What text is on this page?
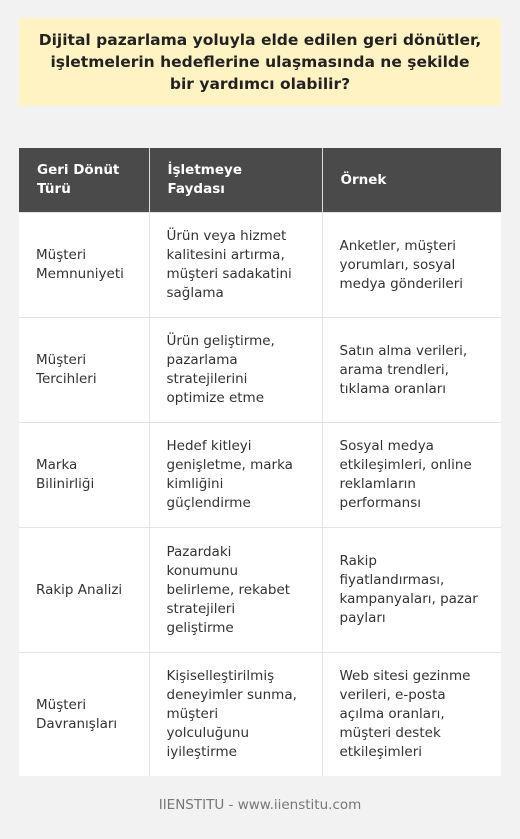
Dijital pazarlama yoluyla elde edilen geri dönütler, işletmelerin hedeflerine ulaşmasında ne şekilde bir yardımcı olabilir?
Geri Dönüt Türü	İşletmeye Faydası	Örnek
Müşteri Memnuniyeti	Ürün veya hizmet kalitesini artırma, müşteri sadakatini sağlama	Anketler, müşteri yorumları, sosyal medya gönderileri
Müşteri Tercihleri	Ürün geliştirme, pazarlama stratejilerini optimize etme	Satın alma verileri, arama trendleri, tıklama oranları
Marka Bilinirliği	Hedef kitleyi genişletme, marka kimliğini güçlendirme	Sosyal medya etkileşimleri, online reklamların performansı
Rakip Analizi	Pazardaki konumunu belirleme, rekabet stratejileri geliştirme	Rakip fiyatlandırması, kampanyaları, pazar payları
Müşteri Davranışları	Kişiselleştirilmiş deneyimler sunma, müşteri yolculuğunu iyileştirme	Web sitesi gezinme verileri, e-posta açılma oranları, müşteri destek etkileşimleri
IIENSTITU - www.iienstitu.com
